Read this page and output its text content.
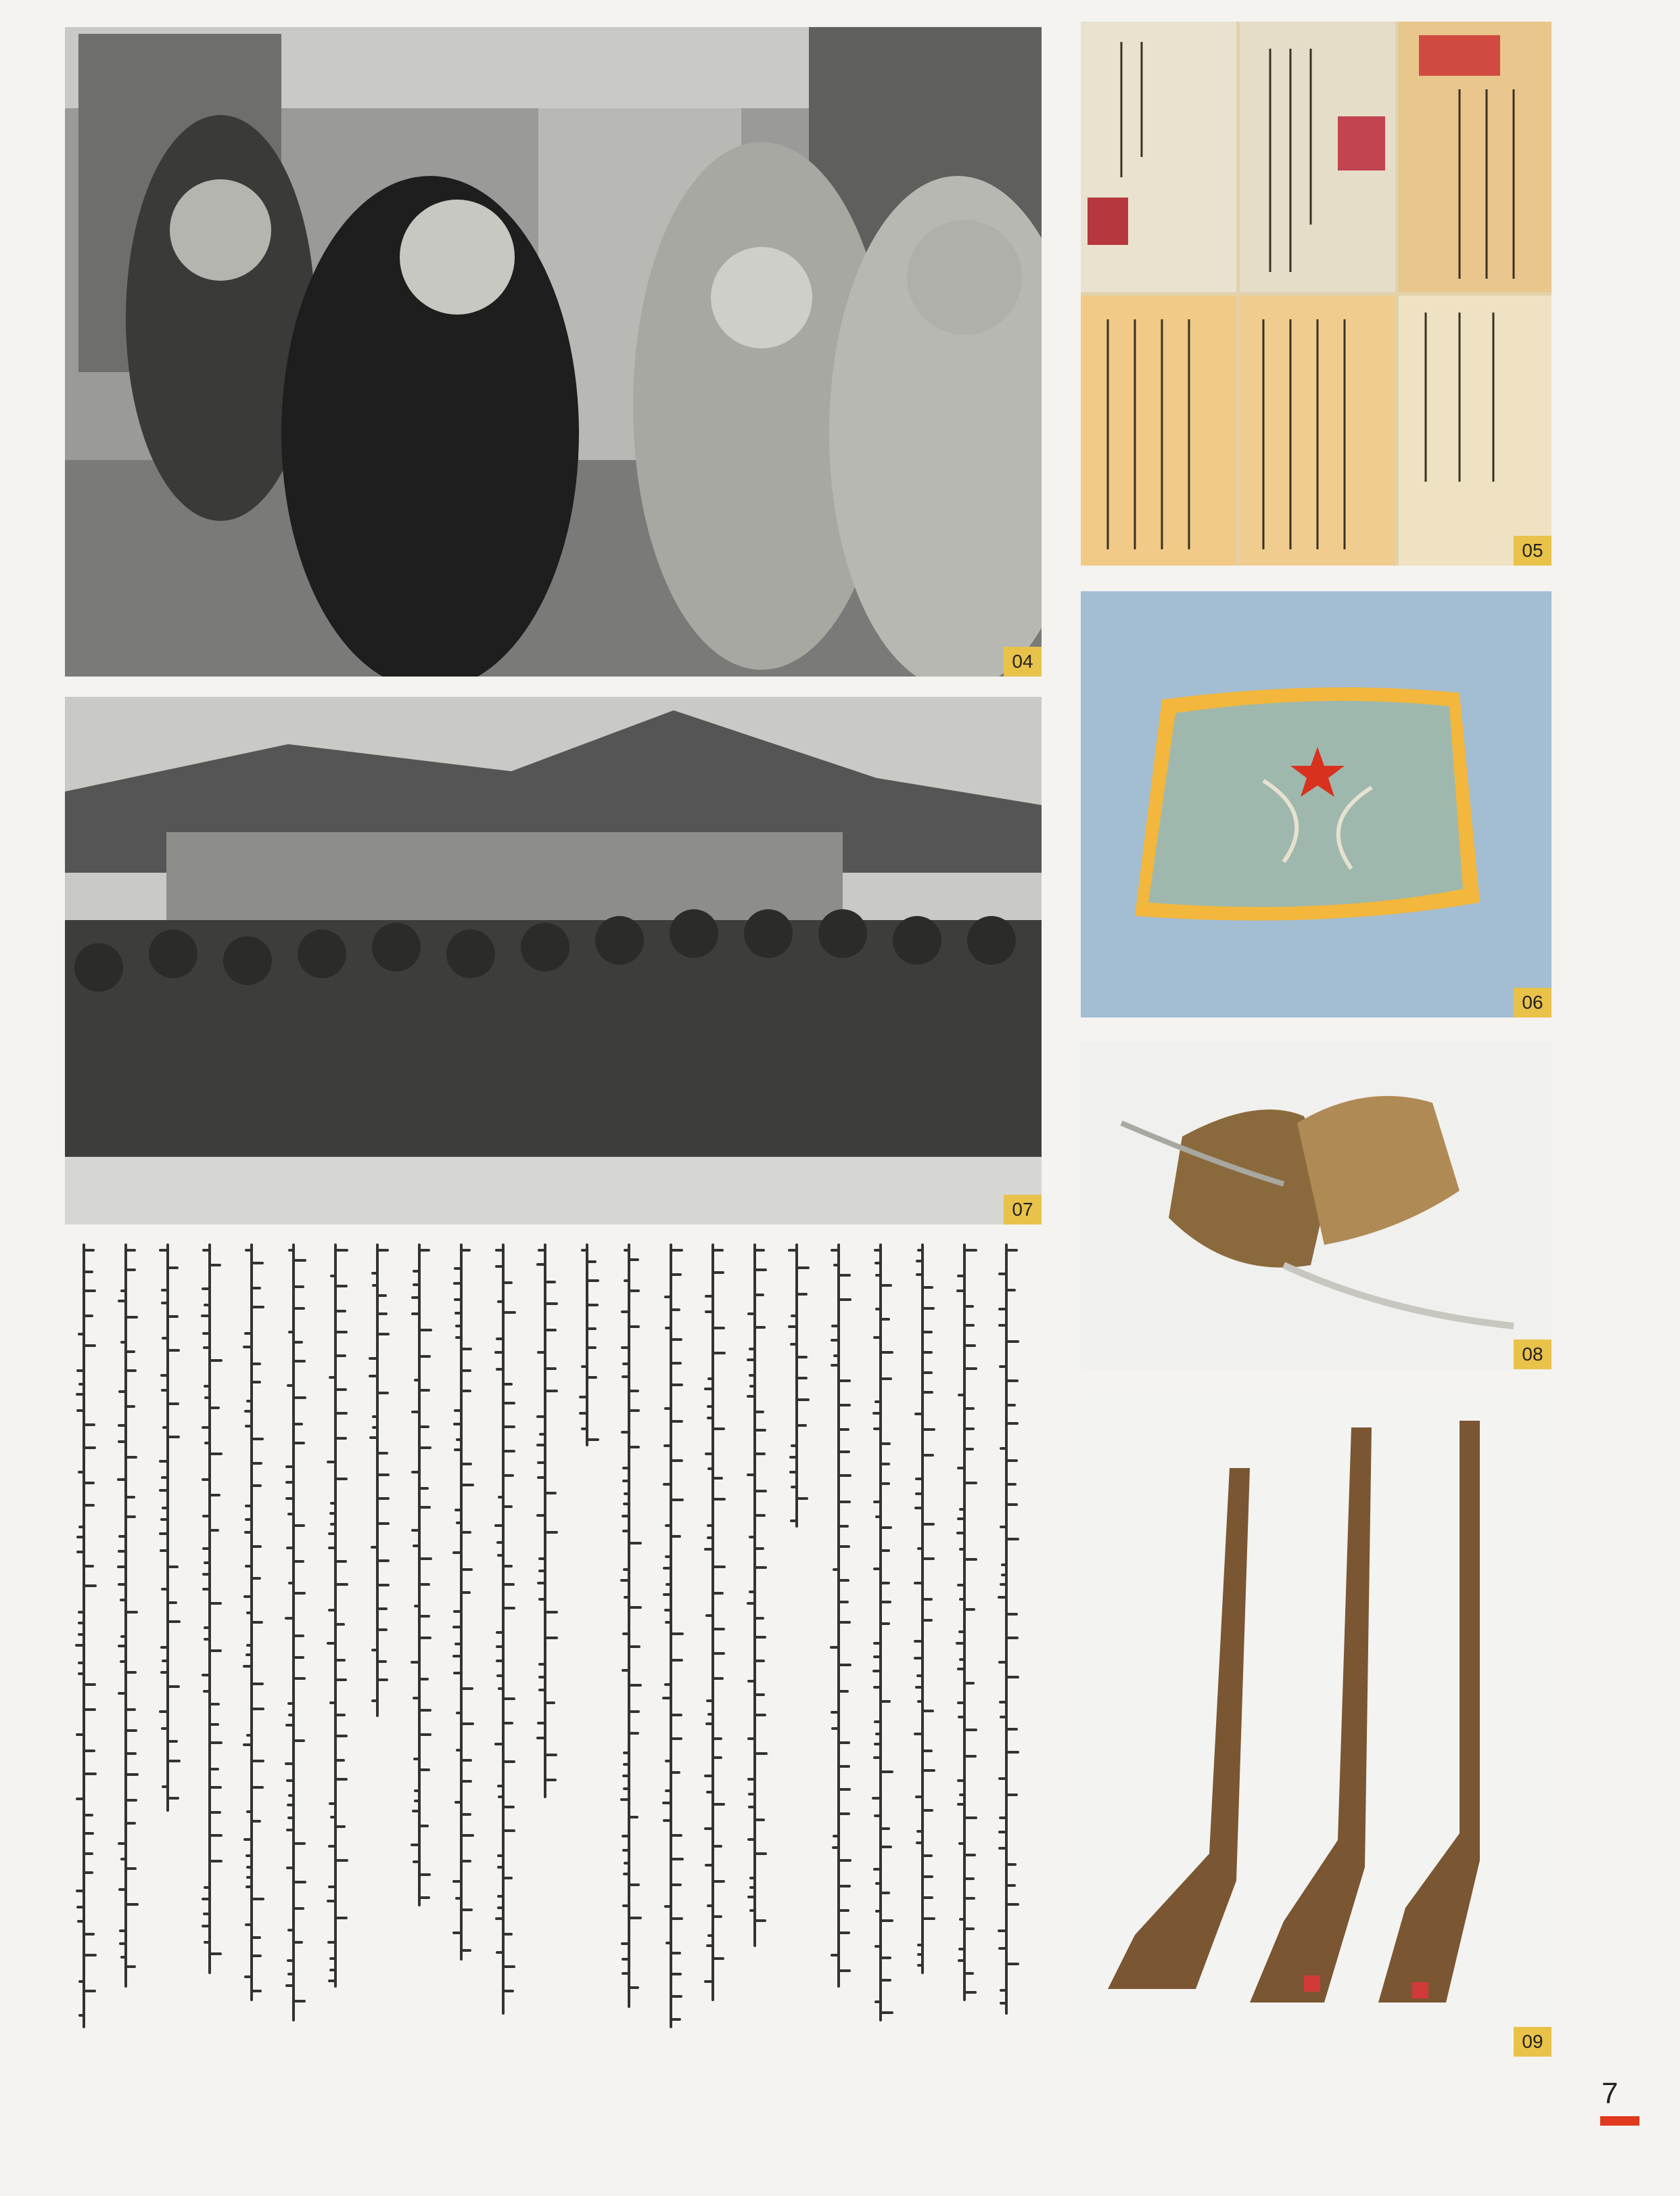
04
07
05
06
08
09
7
